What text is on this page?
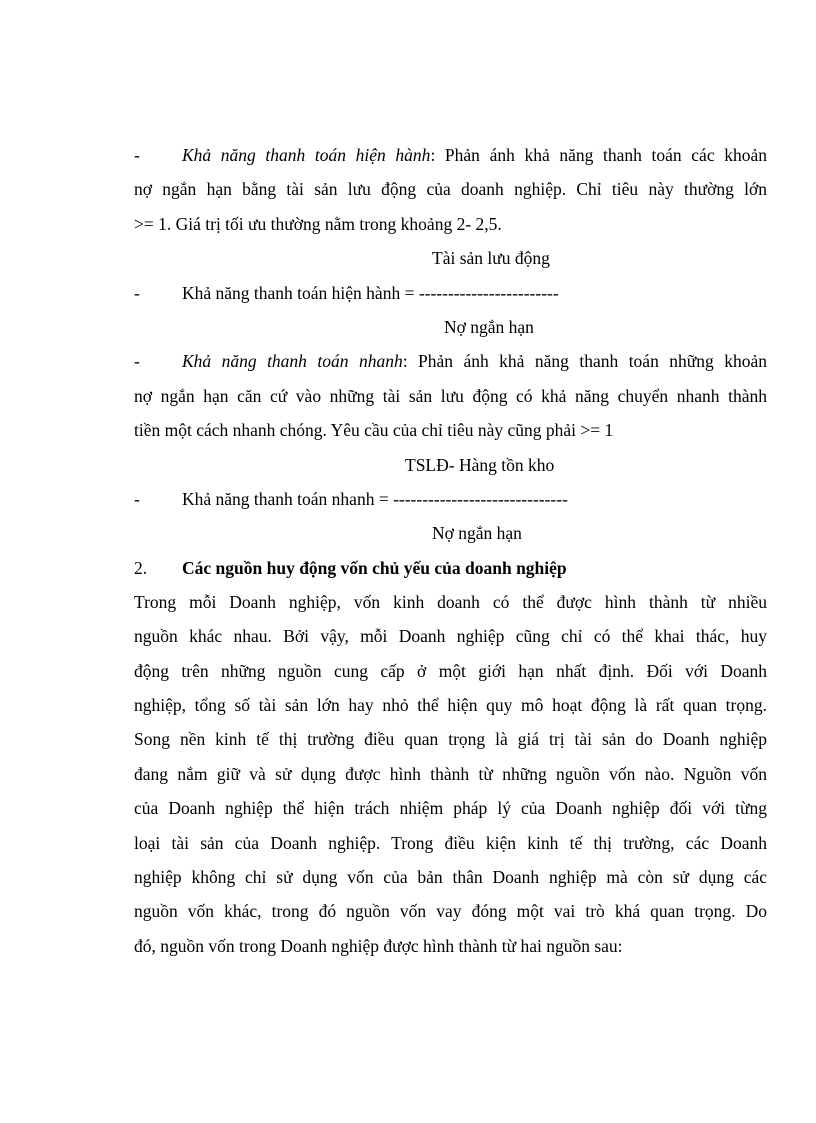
- Khả năng thanh toán hiện hành: Phản ánh khả năng thanh toán các khoản
nợ ngắn hạn bằng tài sản lưu động của doanh nghiệp. Chỉ tiêu này thường lớn
>= 1. Giá trị tối ưu thường nằm trong khoảng 2- 2,5.
Tài sản lưu động
- Khả năng thanh toán hiện hành = ------------------------
Nợ ngắn hạn
- Khả năng thanh toán nhanh: Phản ánh khả năng thanh toán những khoản
nợ ngắn hạn căn cứ vào những tài sản lưu động có khả năng chuyển nhanh thành
tiền một cách nhanh chóng. Yêu cầu của chỉ tiêu này cũng phải >= 1
TSLĐ- Hàng tồn kho
- Khả năng thanh toán nhanh = ------------------------------
Nợ ngắn hạn
2. Các nguồn huy động vốn chủ yếu của doanh nghiệp
Trong mỗi Doanh nghiệp, vốn kinh doanh có thể được hình thành từ nhiều
nguồn khác nhau. Bởi vậy, mỗi Doanh nghiệp cũng chỉ có thể khai thác, huy
động trên những nguồn cung cấp ở một giới hạn nhất định. Đối với Doanh
nghiệp, tổng số tài sản lớn hay nhỏ thể hiện quy mô hoạt động là rất quan trọng.
Song nền kinh tế thị trường điều quan trọng là giá trị tài sản do Doanh nghiệp
đang nắm giữ và sử dụng được hình thành từ những nguồn vốn nào. Nguồn vốn
của Doanh nghiệp thể hiện trách nhiệm pháp lý của Doanh nghiệp đối với từng
loại tài sản của Doanh nghiệp. Trong điều kiện kinh tế thị trường, các Doanh
nghiệp không chỉ sử dụng vốn của bản thân Doanh nghiệp mà còn sử dụng các
nguồn vốn khác, trong đó nguồn vốn vay đóng một vai trò khá quan trọng. Do
đó, nguồn vốn trong Doanh nghiệp được hình thành từ hai nguồn sau:
